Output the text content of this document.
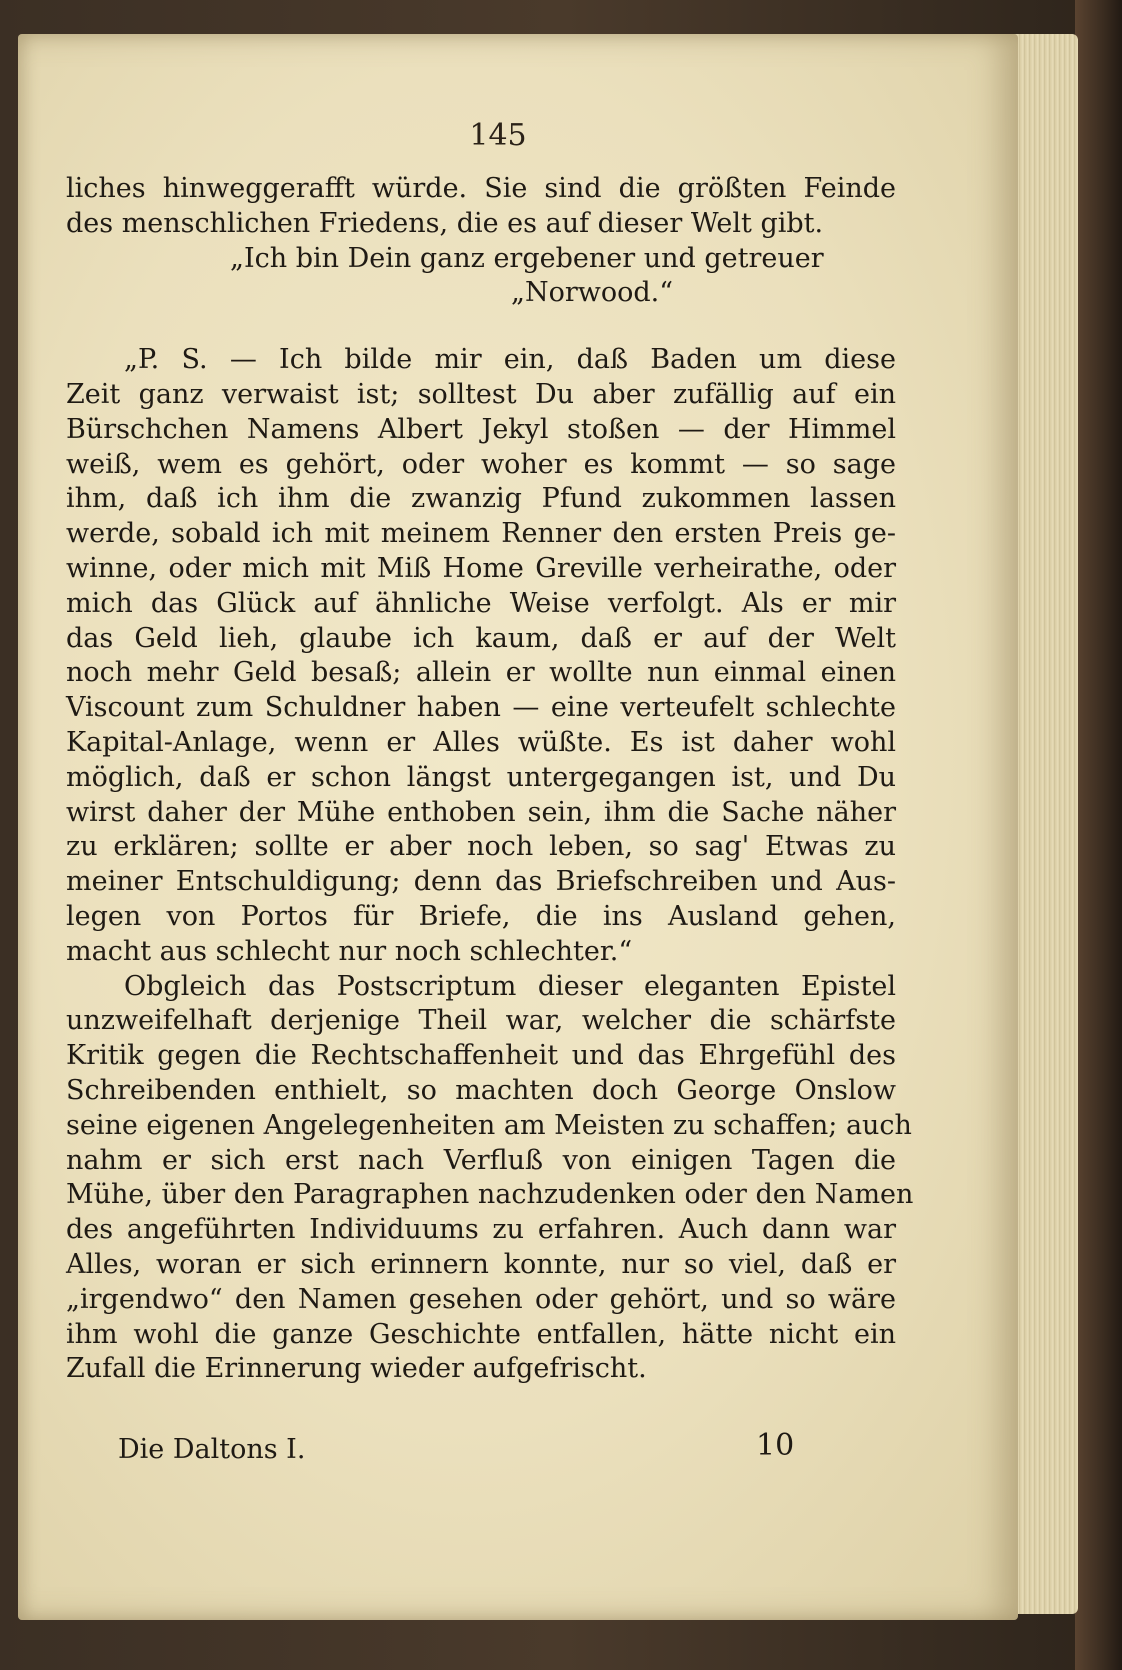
145
liches hinweggerafft würde. Sie sind die größten Feinde
des menschlichen Friedens, die es auf dieser Welt gibt.
„Ich bin Dein ganz ergebener und getreuer
„Norwood.“
„P. S. — Ich bilde mir ein, daß Baden um diese
Zeit ganz verwaist ist; solltest Du aber zufällig auf ein
Bürschchen Namens Albert Jekyl stoßen — der Himmel
weiß, wem es gehört, oder woher es kommt — so sage
ihm, daß ich ihm die zwanzig Pfund zukommen lassen
werde, sobald ich mit meinem Renner den ersten Preis ge-
winne, oder mich mit Miß Home Greville verheirathe, oder
mich das Glück auf ähnliche Weise verfolgt. Als er mir
das Geld lieh, glaube ich kaum, daß er auf der Welt
noch mehr Geld besaß; allein er wollte nun einmal einen
Viscount zum Schuldner haben — eine verteufelt schlechte
Kapital-Anlage, wenn er Alles wüßte. Es ist daher wohl
möglich, daß er schon längst untergegangen ist, und Du
wirst daher der Mühe enthoben sein, ihm die Sache näher
zu erklären; sollte er aber noch leben, so sag' Etwas zu
meiner Entschuldigung; denn das Briefschreiben und Aus-
legen von Portos für Briefe, die ins Ausland gehen,
macht aus schlecht nur noch schlechter.“
Obgleich das Postscriptum dieser eleganten Epistel
unzweifelhaft derjenige Theil war, welcher die schärfste
Kritik gegen die Rechtschaffenheit und das Ehrgefühl des
Schreibenden enthielt, so machten doch George Onslow
seine eigenen Angelegenheiten am Meisten zu schaffen; auch
nahm er sich erst nach Verfluß von einigen Tagen die
Mühe, über den Paragraphen nachzudenken oder den Namen
des angeführten Individuums zu erfahren. Auch dann war
Alles, woran er sich erinnern konnte, nur so viel, daß er
„irgendwo“ den Namen gesehen oder gehört, und so wäre
ihm wohl die ganze Geschichte entfallen, hätte nicht ein
Zufall die Erinnerung wieder aufgefrischt.
Die Daltons I.	10
